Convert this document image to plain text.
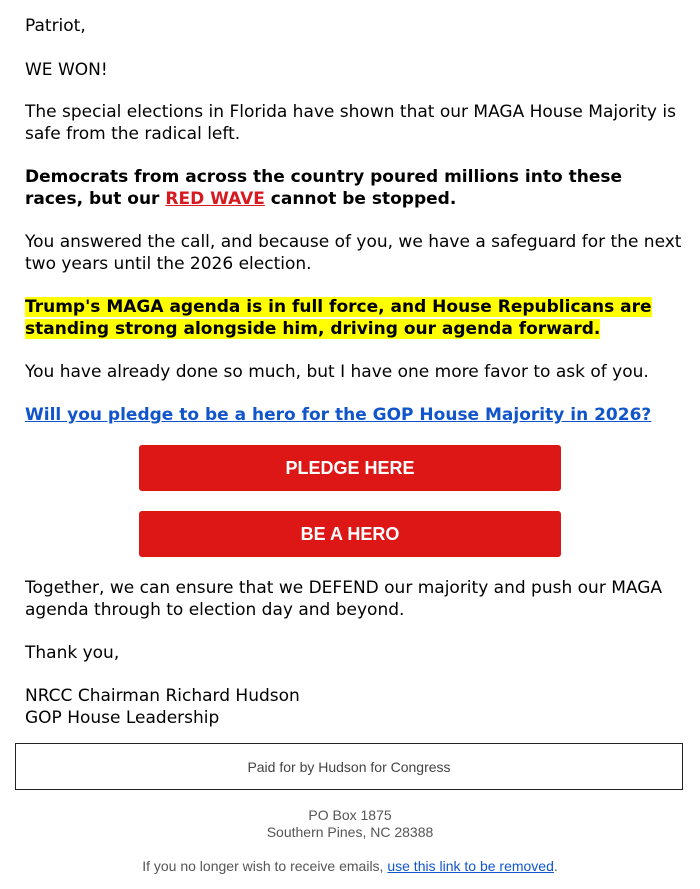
Patriot,

WE WON!

The special elections in Florida have shown that our MAGA House Majority is safe from the radical left.

Democrats from across the country poured millions into these races, but our RED WAVE cannot be stopped.

You answered the call, and because of you, we have a safeguard for the next two years until the 2026 election.

Trump's MAGA agenda is in full force, and House Republicans are standing strong alongside him, driving our agenda forward.

You have already done so much, but I have one more favor to ask of you.

Will you pledge to be a hero for the GOP House Majority in 2026?

PLEDGE HERE
BE A HERO

Together, we can ensure that we DEFEND our majority and push our MAGA agenda through to election day and beyond.

Thank you,

NRCC Chairman Richard Hudson

GOP House Leadership

Paid for by Hudson for Congress
PO Box 1875
Southern Pines, NC 28388
If you no longer wish to receive emails, use this link to be removed.
